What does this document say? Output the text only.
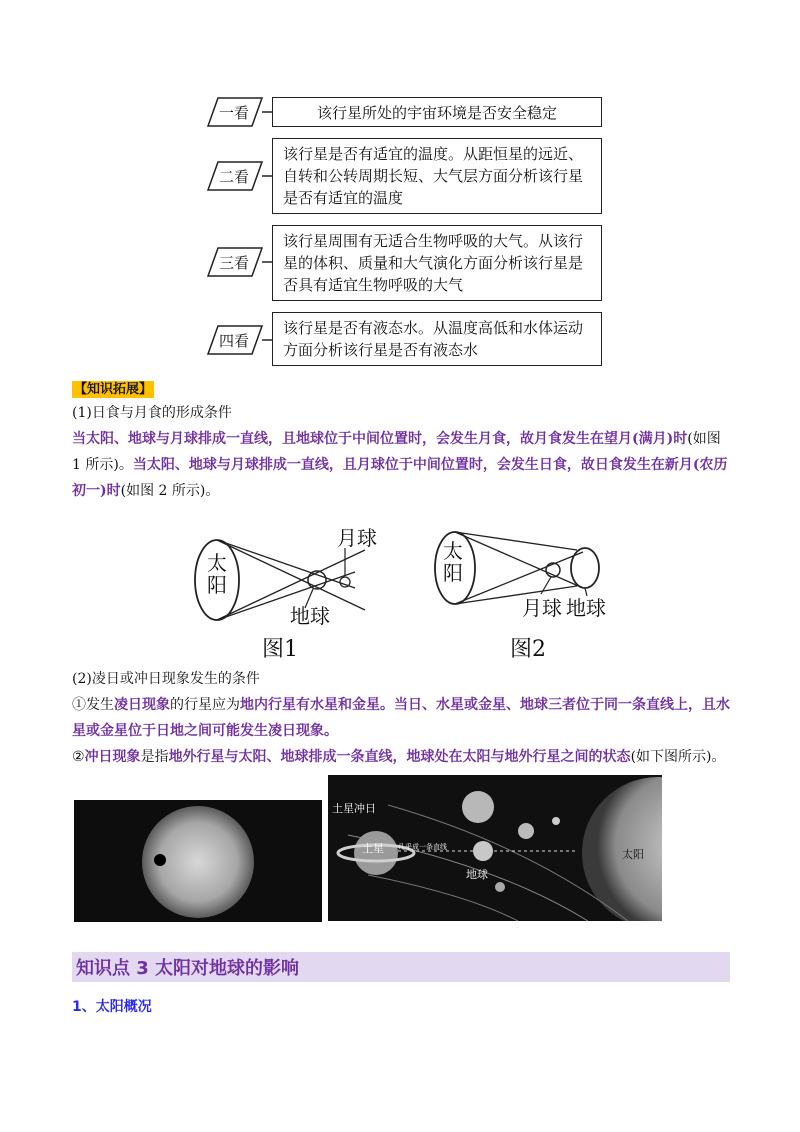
一看
二看
三看
四看
该行星所处的宇宙环境是否安全稳定
该行星是否有适宜的温度。从距恒星的远近、自转和公转周期长短、大气层方面分析该行星是否有适宜的温度
该行星周围有无适合生物呼吸的大气。从该行星的体积、质量和大气演化方面分析该行星是否具有适宜生物呼吸的大气
该行星是否有液态水。从温度高低和水体运动方面分析该行星是否有液态水
【知识拓展】
(1)日食与月食的形成条件
当太阳、地球与月球排成一直线，且地球位于中间位置时，会发生月食，故月食发生在望月(满月)时(如图 1 所示)。当太阳、地球与月球排成一直线，且月球位于中间位置时，会发生日食，故日食发生在新月(农历初一)时(如图 2 所示)。
太
阳
月球
地球
图1
太
阳
月球 地球
图2
(2)凌日或冲日现象发生的条件
①发生凌日现象的行星应为地内行星有水星和金星。当日、水星或金星、地球三者位于同一条直线上，且水星或金星位于日地之间可能发生凌日现象。
②冲日现象是指地外行星与太阳、地球排成一条直线，地球处在太阳与地外行星之间的状态(如下图所示)。
土星冲日
土星 几乎成一条直线
地球
太阳
知识点 3 太阳对地球的影响
1、太阳概况
